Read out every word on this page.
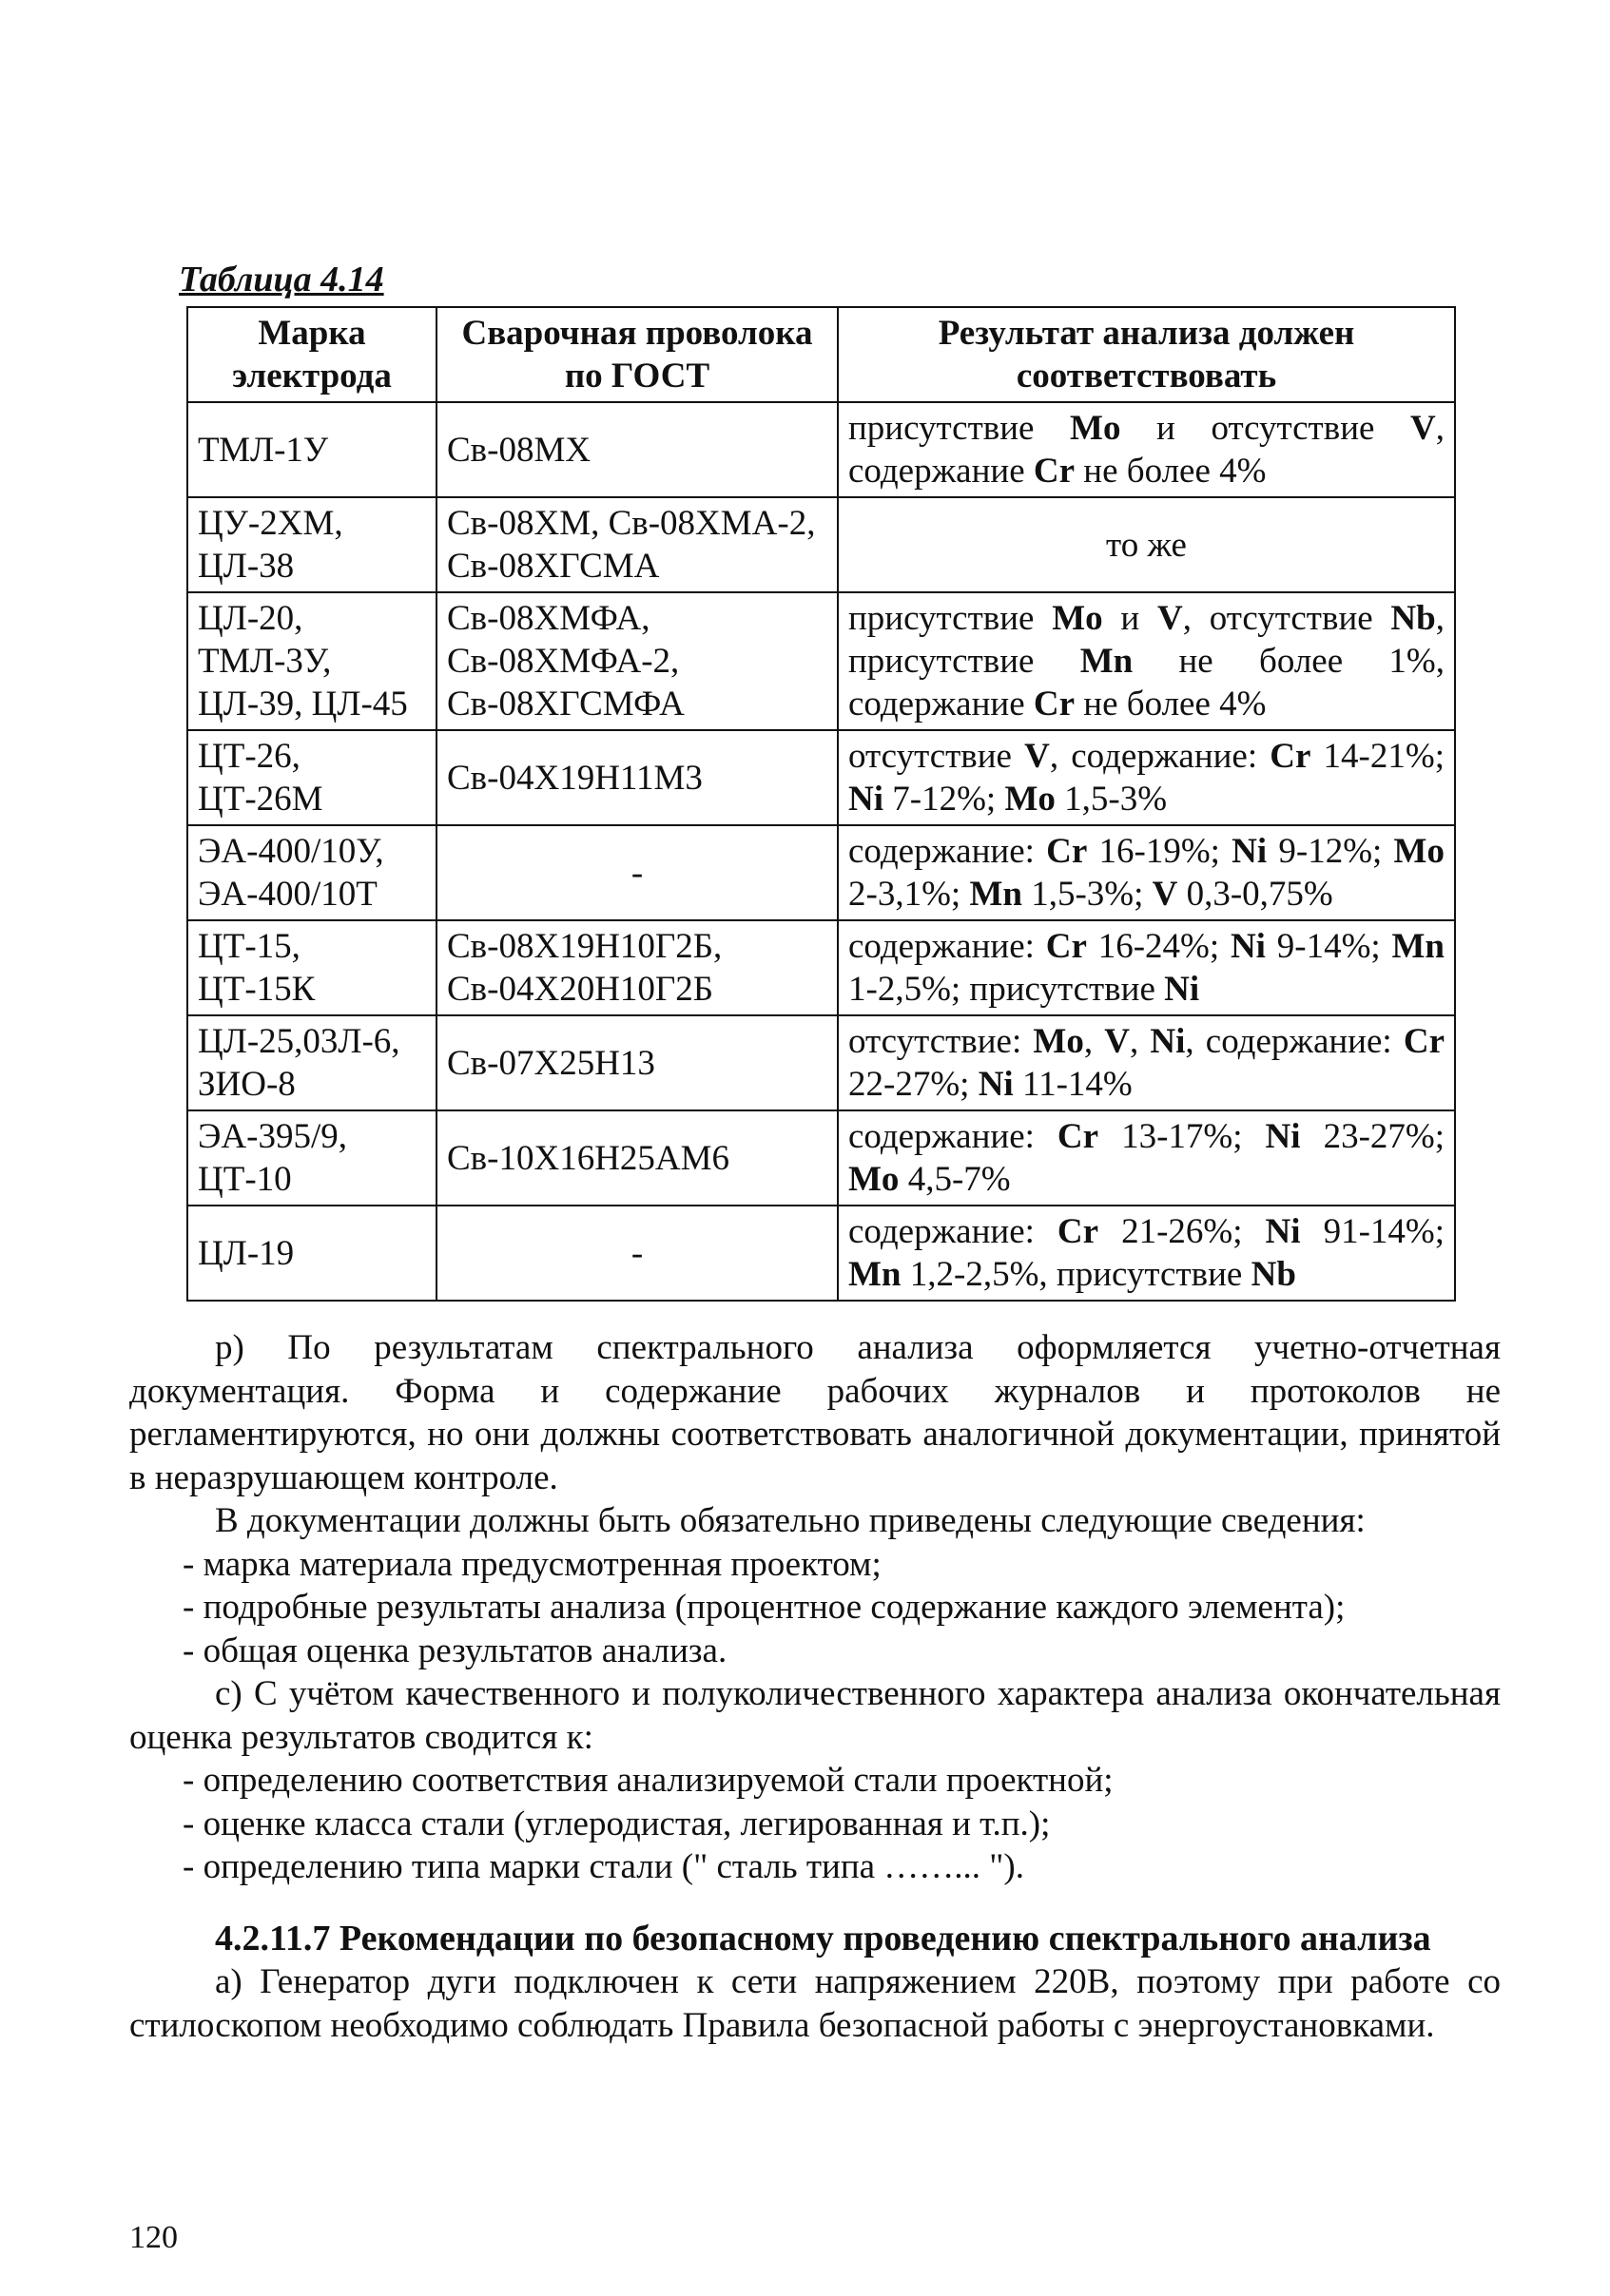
Таблица 4.14
Марка электрода	Сварочная проволока по ГОСТ	Результат анализа должен соответствовать
ТМЛ-1У	Св-08МХ	присутствие Mo и отсутствие V, содержание Cr не более 4%
ЦУ-2ХМ, ЦЛ-38	Св-08ХМ, Св-08ХМА-2, Св-08ХГСМА	то же
ЦЛ-20, ТМЛ-3У, ЦЛ-39, ЦЛ-45	Св-08ХМФА, Св-08ХМФА-2, Св-08ХГСМФА	присутствие Mo и V, отсутствие Nb, присутствие Mn не более 1%, содержание Cr не более 4%
ЦТ-26, ЦТ-26М	Св-04Х19Н11М3	отсутствие V, содержание: Cr 14-21%; Ni 7-12%; Mo 1,5-3%
ЭА-400/10У, ЭА-400/10Т	-	содержание: Cr 16-19%; Ni 9-12%; Mo 2-3,1%; Mn 1,5-3%; V 0,3-0,75%
ЦТ-15, ЦТ-15К	Св-08Х19Н10Г2Б, Св-04Х20Н10Г2Б	содержание: Cr 16-24%; Ni 9-14%; Mn 1-2,5%; присутствие Ni
ЦЛ-25,03Л-6, ЗИО-8	Св-07Х25Н13	отсутствие: Mo, V, Ni, содержание: Cr 22-27%; Ni 11-14%
ЭА-395/9, ЦТ-10	Св-10Х16Н25АМ6	содержание: Cr 13-17%; Ni 23-27%; Mo 4,5-7%
ЦЛ-19	-	содержание: Cr 21-26%; Ni 91-14%; Mn 1,2-2,5%, присутствие Nb

р) По результатам спектрального анализа оформляется учетно-отчетная документация. Форма и содержание рабочих журналов и протоколов не регламентируются, но они должны соответствовать аналогичной документации, принятой в неразрушающем контроле.

В документации должны быть обязательно приведены следующие сведения:

- марка материала предусмотренная проектом;

- подробные результаты анализа (процентное содержание каждого элемента);

- общая оценка результатов анализа.

с) С учётом качественного и полуколичественного характера анализа окончательная оценка результатов сводится к:

- определению соответствия анализируемой стали проектной;

- оценке класса стали (углеродистая, легированная и т.п.);

- определению типа марки стали (" сталь типа ……... ").

4.2.11.7 Рекомендации по безопасному проведению спектрального анализа

а) Генератор дуги подключен к сети напряжением 220В, поэтому при работе со стилоскопом необходимо соблюдать Правила безопасной работы с энергоустановками.

120
